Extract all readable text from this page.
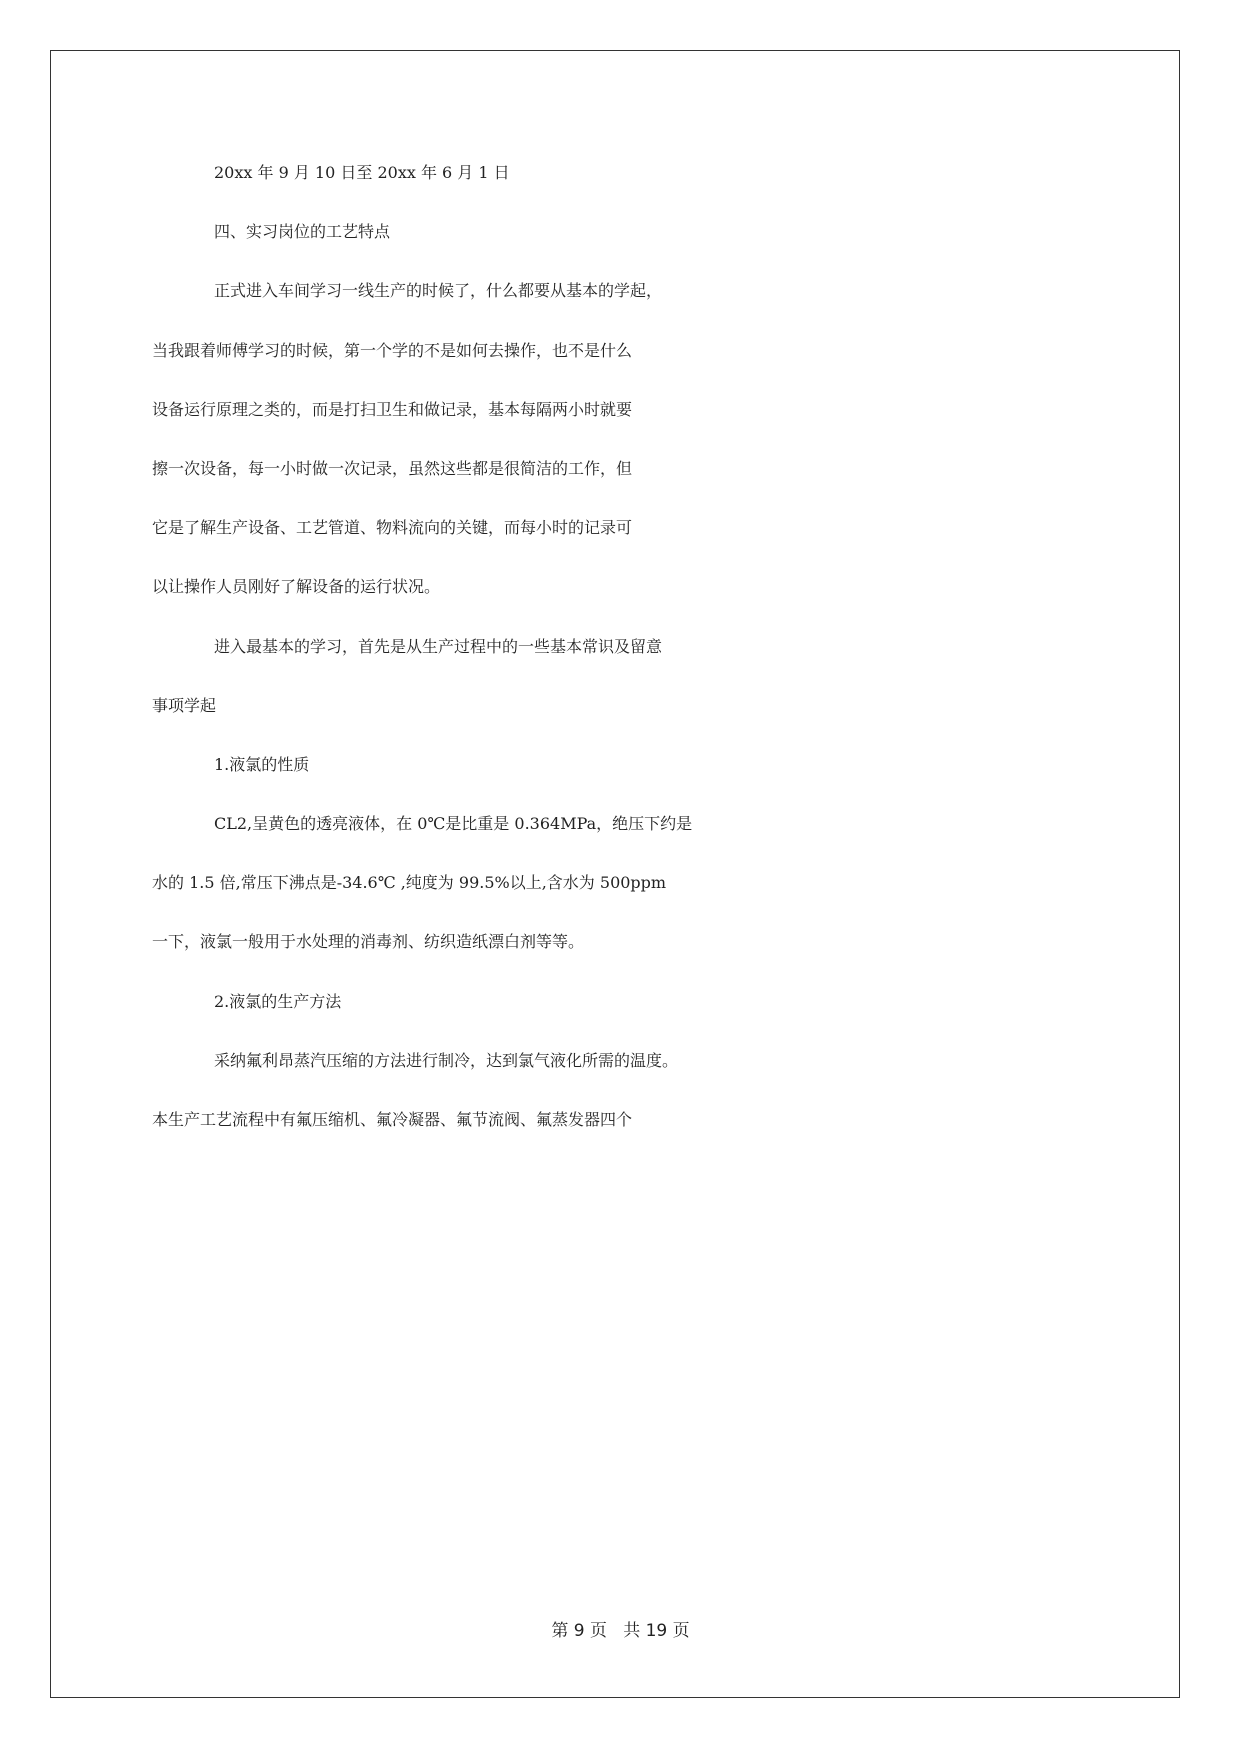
20xx 年 9 月 10 日至 20xx 年 6 月 1 日
四、实习岗位的工艺特点
正式进入车间学习一线生产的时候了，什么都要从基本的学起，
当我跟着师傅学习的时候，第一个学的不是如何去操作，也不是什么
设备运行原理之类的，而是打扫卫生和做记录，基本每隔两小时就要
擦一次设备，每一小时做一次记录，虽然这些都是很简洁的工作，但
它是了解生产设备、工艺管道、物料流向的关键，而每小时的记录可
以让操作人员刚好了解设备的运行状况。
进入最基本的学习，首先是从生产过程中的一些基本常识及留意
事项学起
1.液氯的性质
CL2,呈黄色的透亮液体，在 0℃是比重是 0.364MPa，绝压下约是
水的 1.5 倍,常压下沸点是-34.6℃ ,纯度为 99.5%以上,含水为 500ppm
一下，液氯一般用于水处理的消毒剂、纺织造纸漂白剂等等。
2.液氯的生产方法
采纳氟利昂蒸汽压缩的方法进行制冷，达到氯气液化所需的温度。
本生产工艺流程中有氟压缩机、氟冷凝器、氟节流阀、氟蒸发器四个
第 9 页   共 19 页
